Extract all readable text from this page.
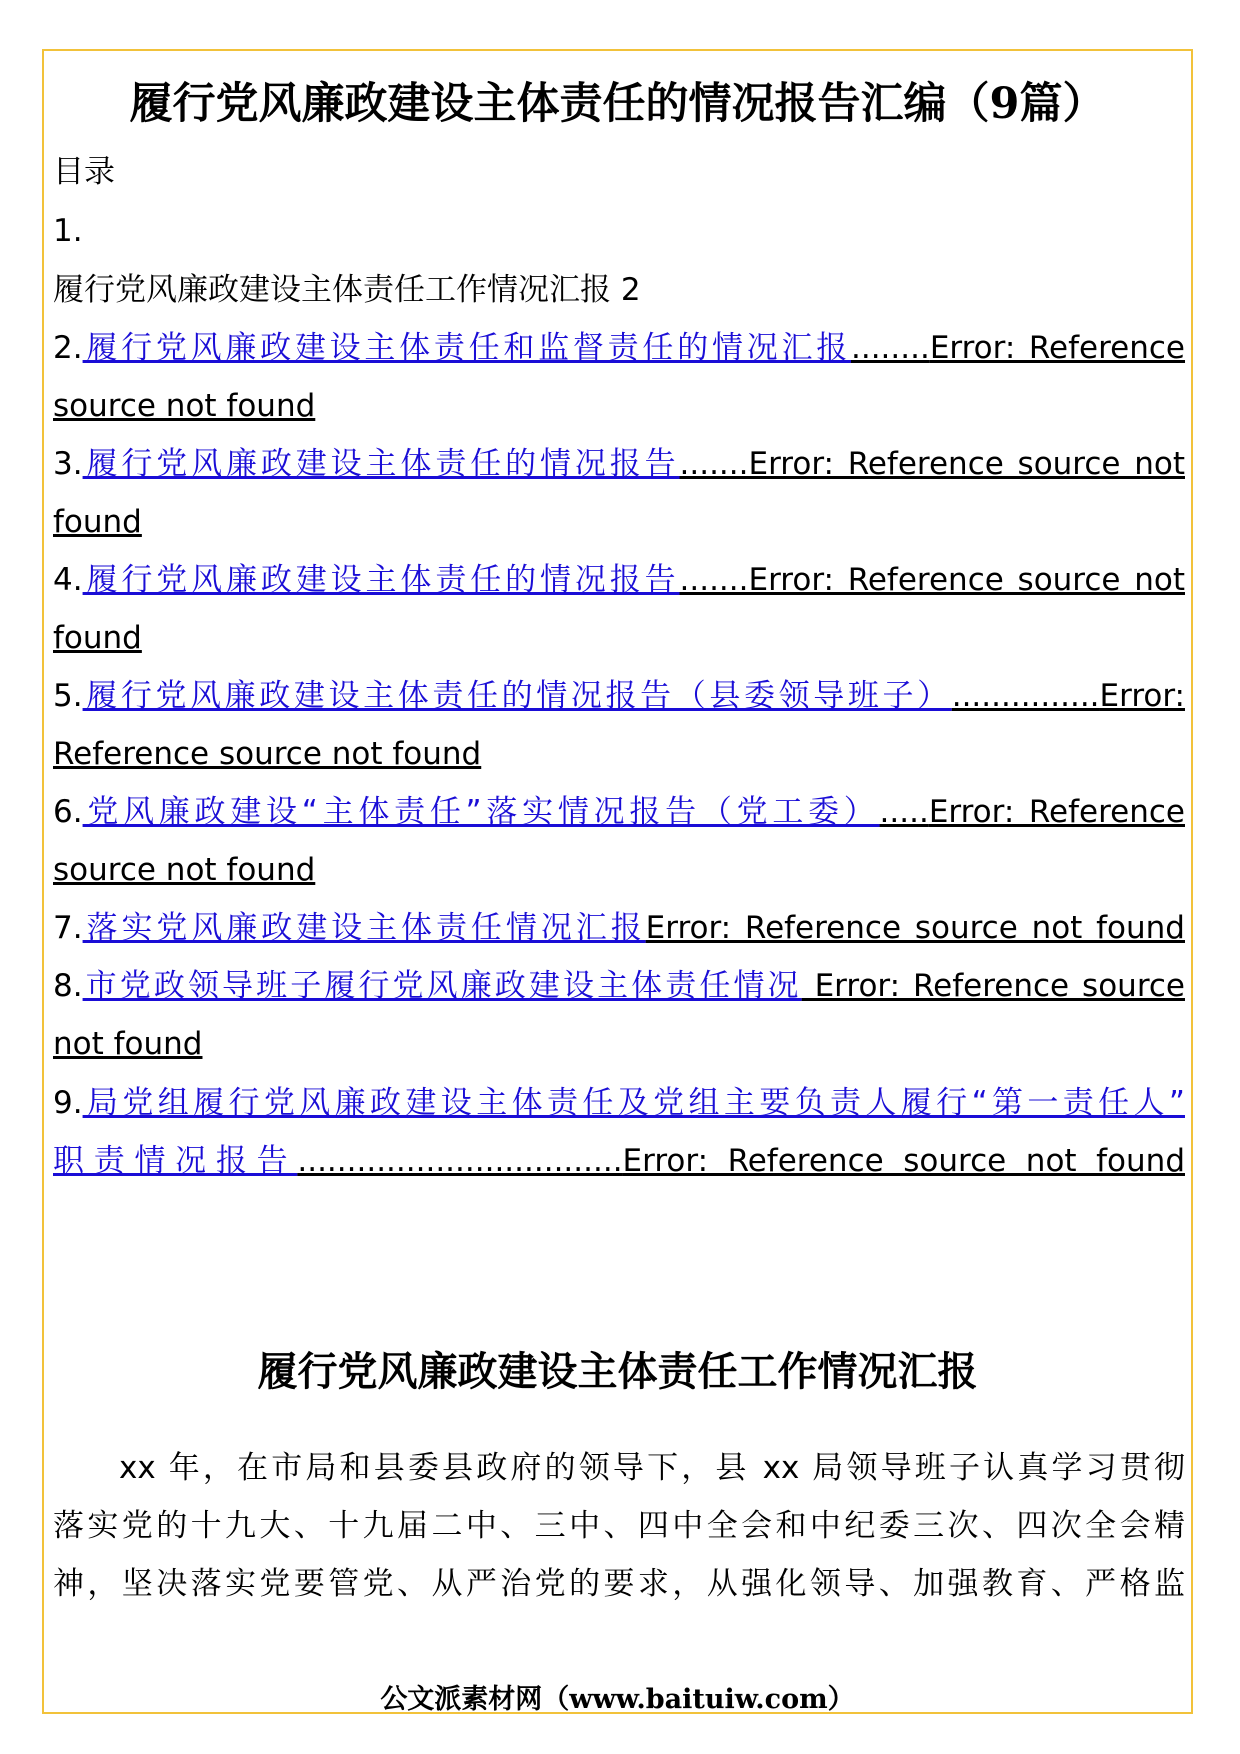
履行党风廉政建设主体责任的情况报告汇编（9篇）
目录
1.
履行党风廉政建设主体责任工作情况汇报 2
2.履行党风廉政建设主体责任和监督责任的情况汇报........Error: Reference
source not found
3.履行党风廉政建设主体责任的情况报告.......Error: Reference source not
found
4.履行党风廉政建设主体责任的情况报告.......Error: Reference source not
found
5.履行党风廉政建设主体责任的情况报告（县委领导班子）...............Error:
Reference source not found
6.党风廉政建设“主体责任”落实情况报告（党工委）.....Error: Reference
source not found
7.落实党风廉政建设主体责任情况汇报Error: Reference source not found
8.市党政领导班子履行党风廉政建设主体责任情况 Error: Reference source
not found
9.局党组履行党风廉政建设主体责任及党组主要负责人履行“第一责任人”
职责情况报告.................................Error: Reference source not found
履行党风廉政建设主体责任工作情况汇报
xx 年，在市局和县委县政府的领导下，县 xx 局领导班子认真学习贯彻
落实党的十九大、十九届二中、三中、四中全会和中纪委三次、四次全会精
神，坚决落实党要管党、从严治党的要求，从强化领导、加强教育、严格监
公文派素材网（www.baituiw.com）
